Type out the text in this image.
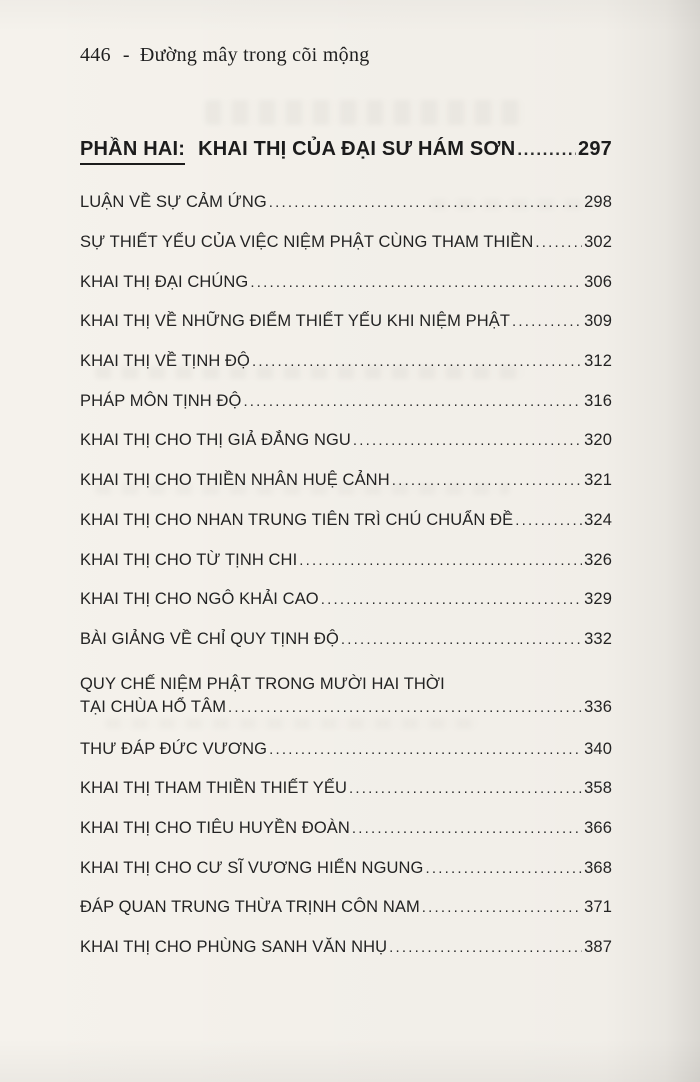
446 - Đường mây trong cõi mộng
PHẦN HAI: KHAI THỊ CỦA ĐẠI SƯ HÁM SƠN .....	297
LUẬN VỀ SỰ CẢM ỨNG .....	298
SỰ THIẾT YẾU CỦA VIỆC NIỆM PHẬT CÙNG THAM THIỀN .....	302
KHAI THỊ ĐẠI CHÚNG .....	306
KHAI THỊ VỀ NHỮNG ĐIỂM THIẾT YẾU KHI NIỆM PHẬT .....	309
KHAI THỊ VỀ TỊNH ĐỘ .....	312
PHÁP MÔN TỊNH ĐỘ .....	316
KHAI THỊ CHO THỊ GIẢ ĐẮNG NGU .....	320
KHAI THỊ CHO THIỀN NHÂN HUỆ CẢNH .....	321
KHAI THỊ CHO NHAN TRUNG TIÊN TRÌ CHÚ CHUẨN ĐỀ .....	324
KHAI THỊ CHO TỪ TỊNH CHI .....	326
KHAI THỊ CHO NGÔ KHẢI CAO .....	329
BÀI GIẢNG VỀ CHỈ QUY TỊNH ĐỘ .....	332
QUY CHẾ NIỆM PHẬT TRONG MƯỜI HAI THỜI
TẠI CHÙA HỔ TÂM .....	336
THƯ ĐÁP ĐỨC VƯƠNG .....	340
KHAI THỊ THAM THIỀN THIẾT YẾU .....	358
KHAI THỊ CHO TIÊU HUYỀN ĐOÀN .....	366
KHAI THỊ CHO CƯ SĨ VƯƠNG HIỂN NGUNG .....	368
ĐÁP QUAN TRUNG THỪA TRỊNH CÔN NAM .....	371
KHAI THỊ CHO PHÙNG SANH VĂN NHỤ .....	387
